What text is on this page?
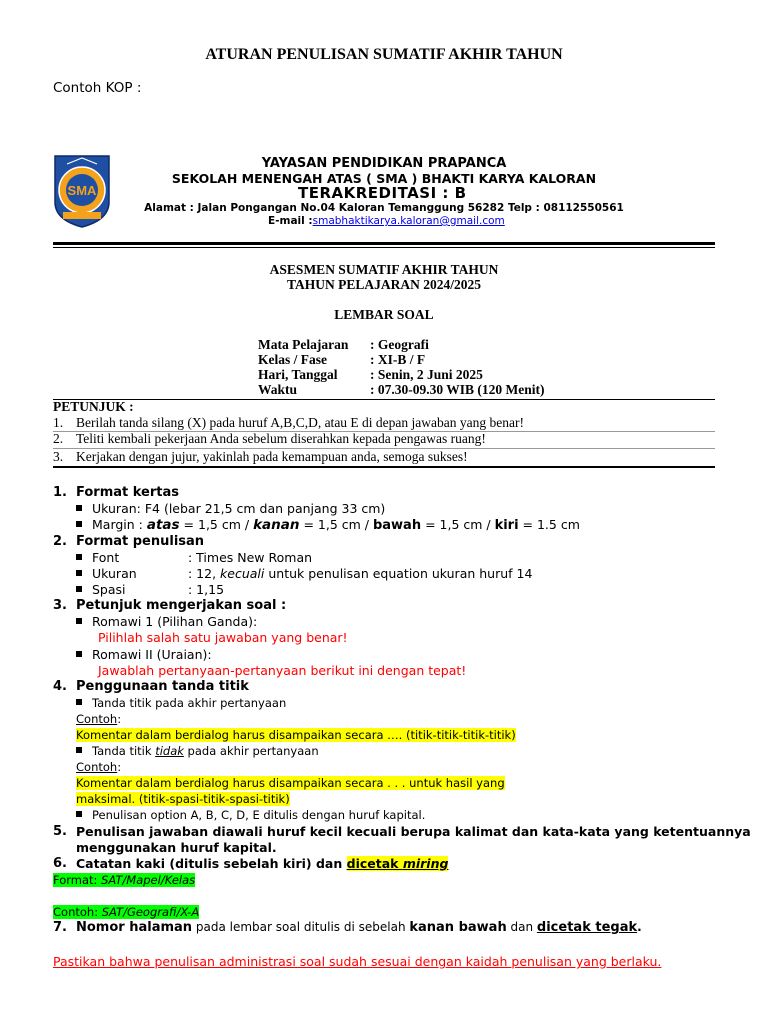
ATURAN PENULISAN SUMATIF AKHIR TAHUN
Contoh KOP :
SMA
YAYASAN PENDIDIKAN PRAPANCA
SEKOLAH MENENGAH ATAS ( SMA ) BHAKTI KARYA KALORAN
TERAKREDITASI : B
Alamat : Jalan Pongangan No.04 Kaloran Temanggung 56282 Telp : 08112550561
E-mail :smabhaktikarya.kaloran@gmail.com
ASESMEN SUMATIF AKHIR TAHUN
TAHUN PELAJARAN 2024/2025
LEMBAR SOAL
Mata Pelajaran : Geografi
Kelas / Fase	: XI-B / F
Hari, Tanggal : Senin, 2 Juni 2025
Waktu	: 07.30-09.30 WIB (120 Menit)
PETUNJUK :
1. Berilah tanda silang (X) pada huruf A,B,C,D, atau E di depan jawaban yang benar!
2. Teliti kembali pekerjaan Anda sebelum diserahkan kepada pengawas ruang!
3. Kerjakan dengan jujur, yakinlah pada kemampuan anda, semoga sukses!
1. Format kertas
Ukuran: F4 (lebar 21,5 cm dan panjang 33 cm)
Margin : atas = 1,5 cm / kanan = 1,5 cm / bawah = 1,5 cm / kiri = 1.5 cm
2. Format penulisan
Font	: Times New Roman
Ukuran	: 12, kecuali untuk penulisan equation ukuran huruf 14
Spasi	: 1,15
3. Petunjuk mengerjakan soal :
Romawi 1 (Pilihan Ganda):
Pilihlah salah satu jawaban yang benar!
Romawi II (Uraian):
Jawablah pertanyaan-pertanyaan berikut ini dengan tepat!
4. Penggunaan tanda titik
Tanda titik pada akhir pertanyaan
Contoh:
Komentar dalam berdialog harus disampaikan secara …. (titik-titik-titik-titik)
Tanda titik tidak pada akhir pertanyaan
Contoh:
Komentar dalam berdialog harus disampaikan secara . . . untuk hasil yang
maksimal. (titik-spasi-titik-spasi-titik)
Penulisan option A, B, C, D, E ditulis dengan huruf kapital.
5. Penulisan jawaban diawali huruf kecil kecuali berupa kalimat dan kata-kata yang ketentuannya
menggunakan huruf kapital.
6. Catatan kaki (ditulis sebelah kiri) dan dicetak miring
Format: SAT/Mapel/Kelas
Contoh: SAT/Geografi/X-A
7. Nomor halaman pada lembar soal ditulis di sebelah kanan bawah dan dicetak tegak.
Pastikan bahwa penulisan administrasi soal sudah sesuai dengan kaidah penulisan yang berlaku.
